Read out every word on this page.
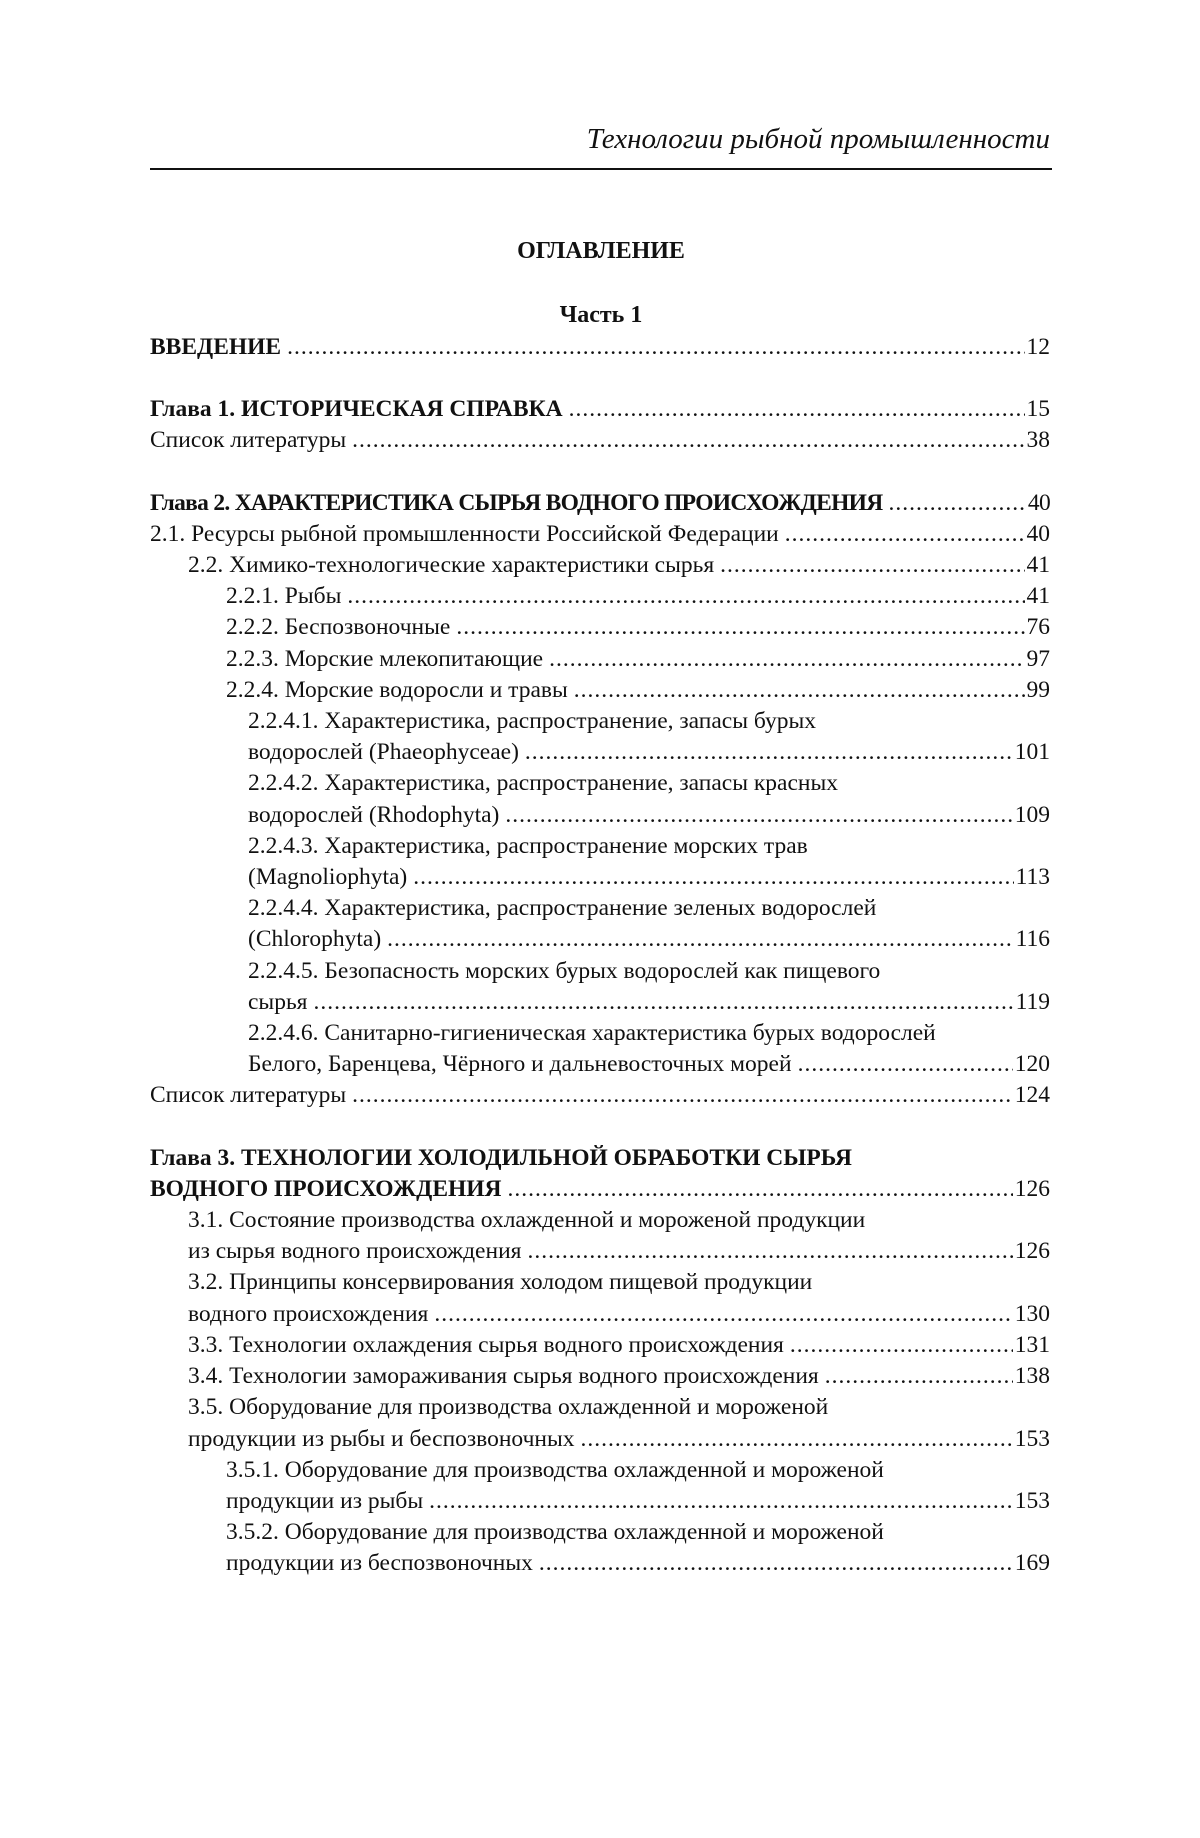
Технологии рыбной промышленности
ОГЛАВЛЕНИЕ
Часть 1
ВВЕДЕНИЕ .....	12
Глава 1. ИСТОРИЧЕСКАЯ СПРАВКА .....	15
Список литературы .....	38
Глава 2. ХАРАКТЕРИСТИКА СЫРЬЯ ВОДНОГО ПРОИСХОЖДЕНИЯ .....	40
2.1. Ресурсы рыбной промышленности Российской Федерации .....	40
2.2. Химико-технологические характеристики сырья .....	41
2.2.1. Рыбы .....	41
2.2.2. Беспозвоночные .....	76
2.2.3. Морские млекопитающие .....	97
2.2.4. Морские водоросли и травы .....	99
2.2.4.1. Характеристика, распространение, запасы бурых
водорослей (Phaeophyceae) .....	101
2.2.4.2. Характеристика, распространение, запасы красных
водорослей (Rhodophyta) .....	109
2.2.4.3. Характеристика, распространение морских трав
(Magnoliophyta) .....	113
2.2.4.4. Характеристика, распространение зеленых водорослей
(Chlorophyta) .....	116
2.2.4.5. Безопасность морских бурых водорослей как пищевого
сырья .....	119
2.2.4.6. Санитарно-гигиеническая характеристика бурых водорослей
Белого, Баренцева, Чёрного и дальневосточных морей .....	120
Список литературы .....	124
Глава 3. ТЕХНОЛОГИИ ХОЛОДИЛЬНОЙ ОБРАБОТКИ СЫРЬЯ
ВОДНОГО ПРОИСХОЖДЕНИЯ .....	126
3.1. Состояние производства охлажденной и мороженой продукции
из сырья водного происхождения .....	126
3.2. Принципы консервирования холодом пищевой продукции
водного происхождения .....	130
3.3. Технологии охлаждения сырья водного происхождения .....	131
3.4. Технологии замораживания сырья водного происхождения .....	138
3.5. Оборудование для производства охлажденной и мороженой
продукции из рыбы и беспозвоночных .....	153
3.5.1. Оборудование для производства охлажденной и мороженой
продукции из рыбы .....	153
3.5.2. Оборудование для производства охлажденной и мороженой
продукции из беспозвоночных .....	169
